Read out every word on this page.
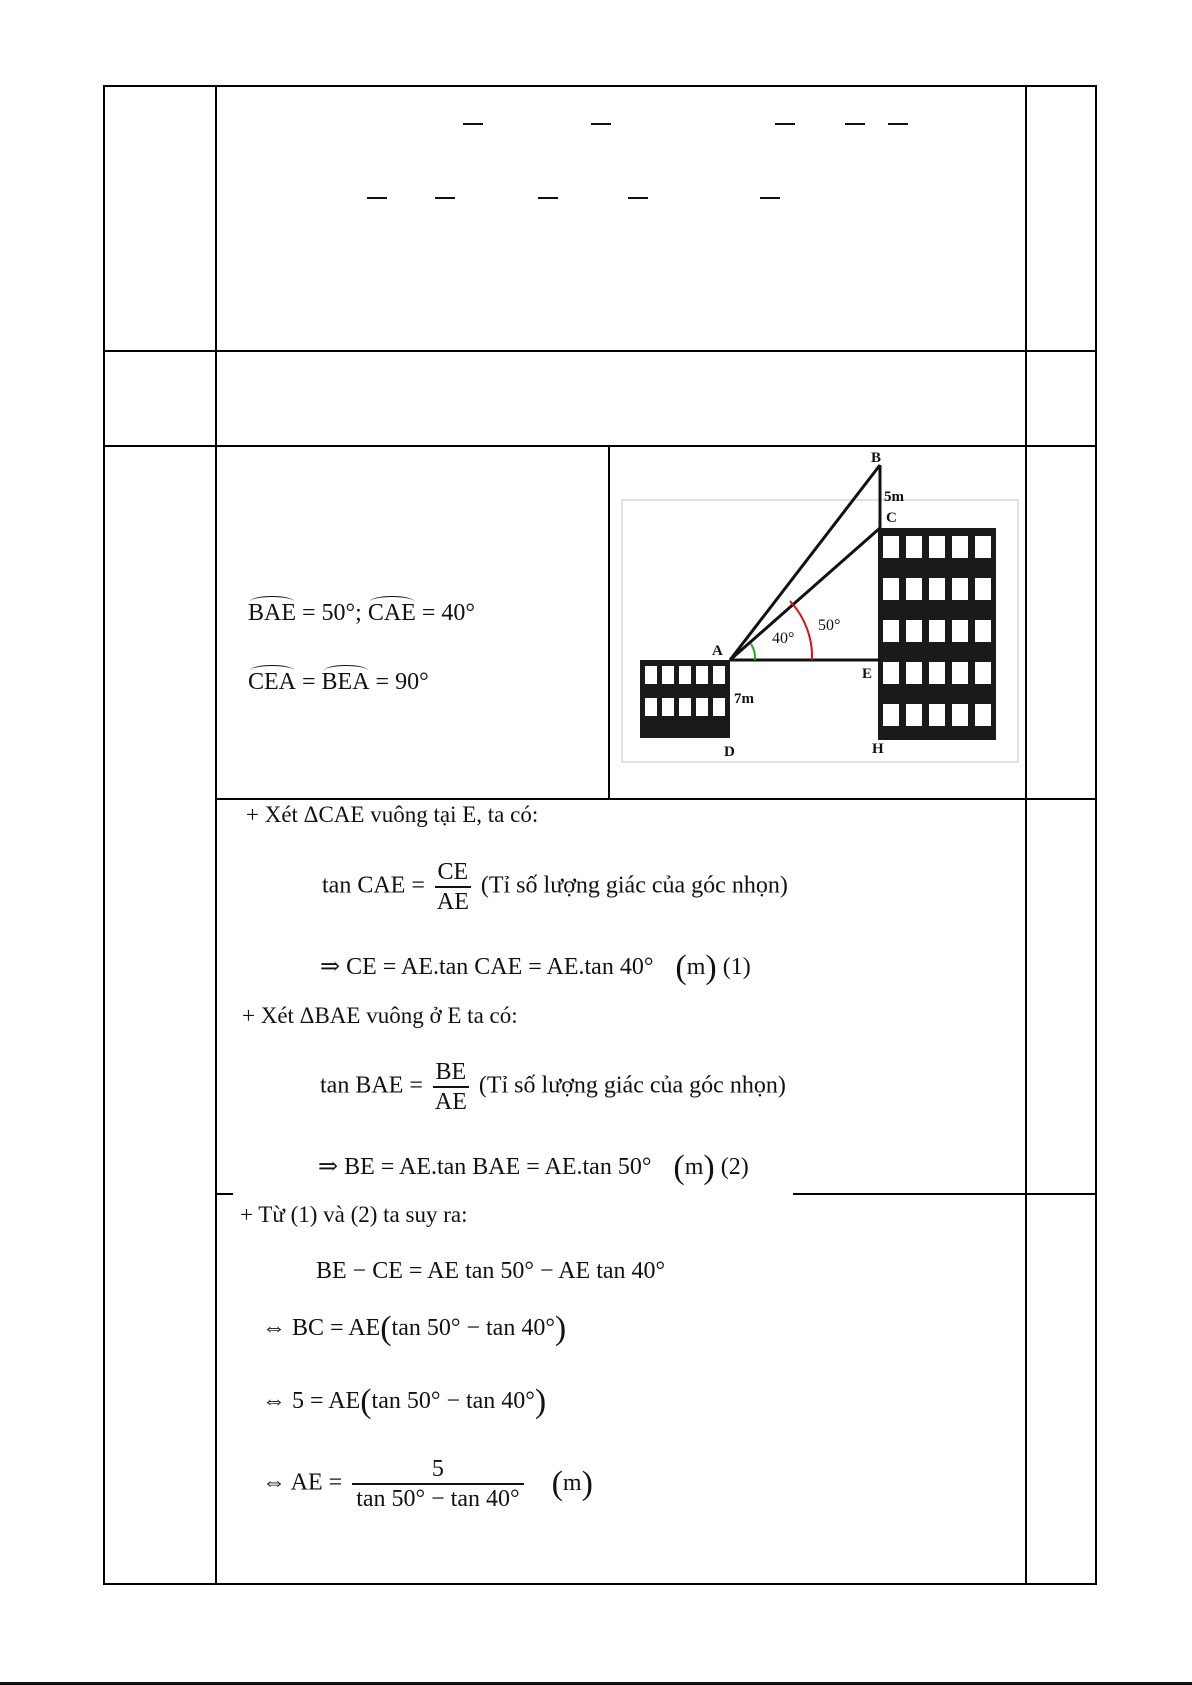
BAE = 50°; CAE = 40°
CEA = BEA = 90°
B
5m
C
A
E
7m
D	H
40°
50°
+ Xét ΔCAE vuông tại E, ta có:
tan CAE = $\frac{CE}{AE}$ (Tỉ số lượng giác của góc nhọn)
⇒ CE = AE.tan CAE = AE.tan 40° (m) (1)
+ Xét ΔBAE vuông ở E ta có:
tan BAE = $\frac{BE}{AE}$ (Tỉ số lượng giác của góc nhọn)
⇒ BE = AE.tan BAE = AE.tan 50° (m) (2)
+ Từ (1) và (2) ta suy ra:
BE − CE = AE tan 50° − AE tan 40°
⇔ BC = AE(tan 50° − tan 40°)
⇔ 5 = AE(tan 50° − tan 40°)
⇔ AE = $\frac{5}{\tan 50^\circ - \tan 40^\circ} (m)$
